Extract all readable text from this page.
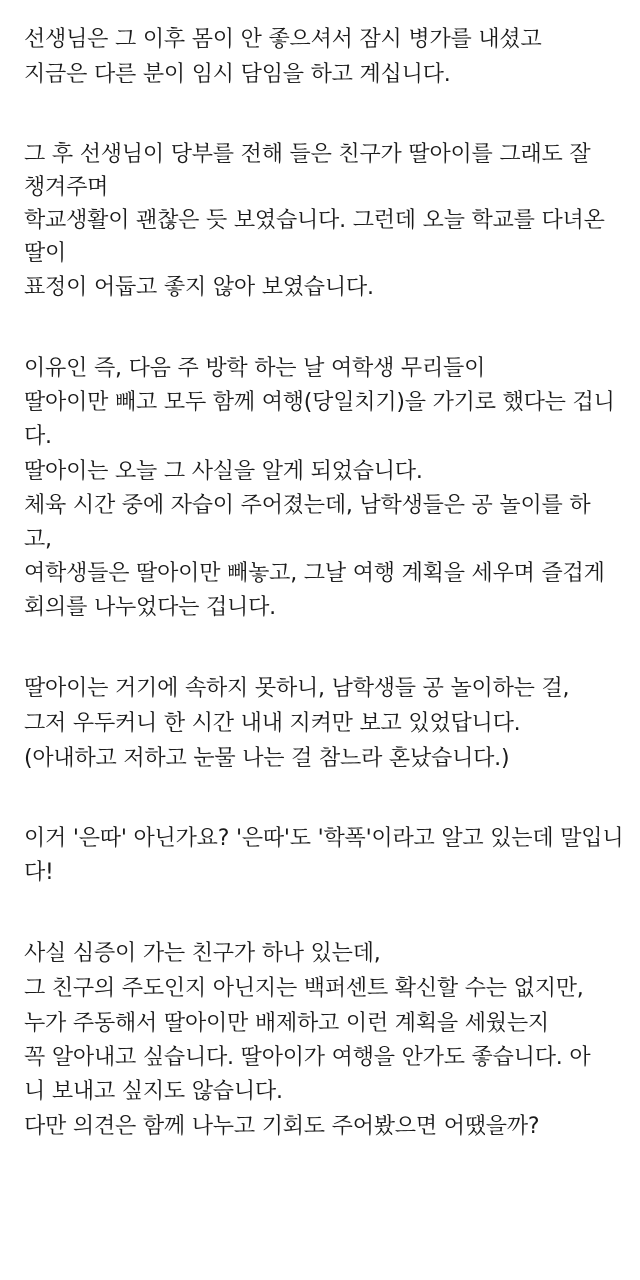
선생님은 그 이후 몸이 안 좋으셔서 잠시 병가를 내셨고
지금은 다른 분이 임시 담임을 하고 계십니다.
그 후 선생님이 당부를 전해 들은 친구가 딸아이를 그래도 잘
챙겨주며
학교생활이 괜찮은 듯 보였습니다. 그런데 오늘 학교를 다녀온
딸이
표정이 어둡고 좋지 않아 보였습니다.
이유인 즉, 다음 주 방학 하는 날 여학생 무리들이
딸아이만 빼고 모두 함께 여행(당일치기)을 가기로 했다는 겁니
다.
딸아이는 오늘 그 사실을 알게 되었습니다.
체육 시간 중에 자습이 주어졌는데, 남학생들은 공 놀이를 하
고,
여학생들은 딸아이만 빼놓고, 그날 여행 계획을 세우며 즐겁게
회의를 나누었다는 겁니다.
딸아이는 거기에 속하지 못하니, 남학생들 공 놀이하는 걸,
그저 우두커니 한 시간 내내 지켜만 보고 있었답니다.
(아내하고 저하고 눈물 나는 걸 참느라 혼났습니다.)
이거 '은따' 아닌가요? '은따'도 '학폭'이라고 알고 있는데 말입니
다!
사실 심증이 가는 친구가 하나 있는데,
그 친구의 주도인지 아닌지는 백퍼센트 확신할 수는 없지만,
누가 주동해서 딸아이만 배제하고 이런 계획을 세웠는지
꼭 알아내고 싶습니다. 딸아이가 여행을 안가도 좋습니다. 아
니 보내고 싶지도 않습니다.
다만 의견은 함께 나누고 기회도 주어봤으면 어땠을까?
